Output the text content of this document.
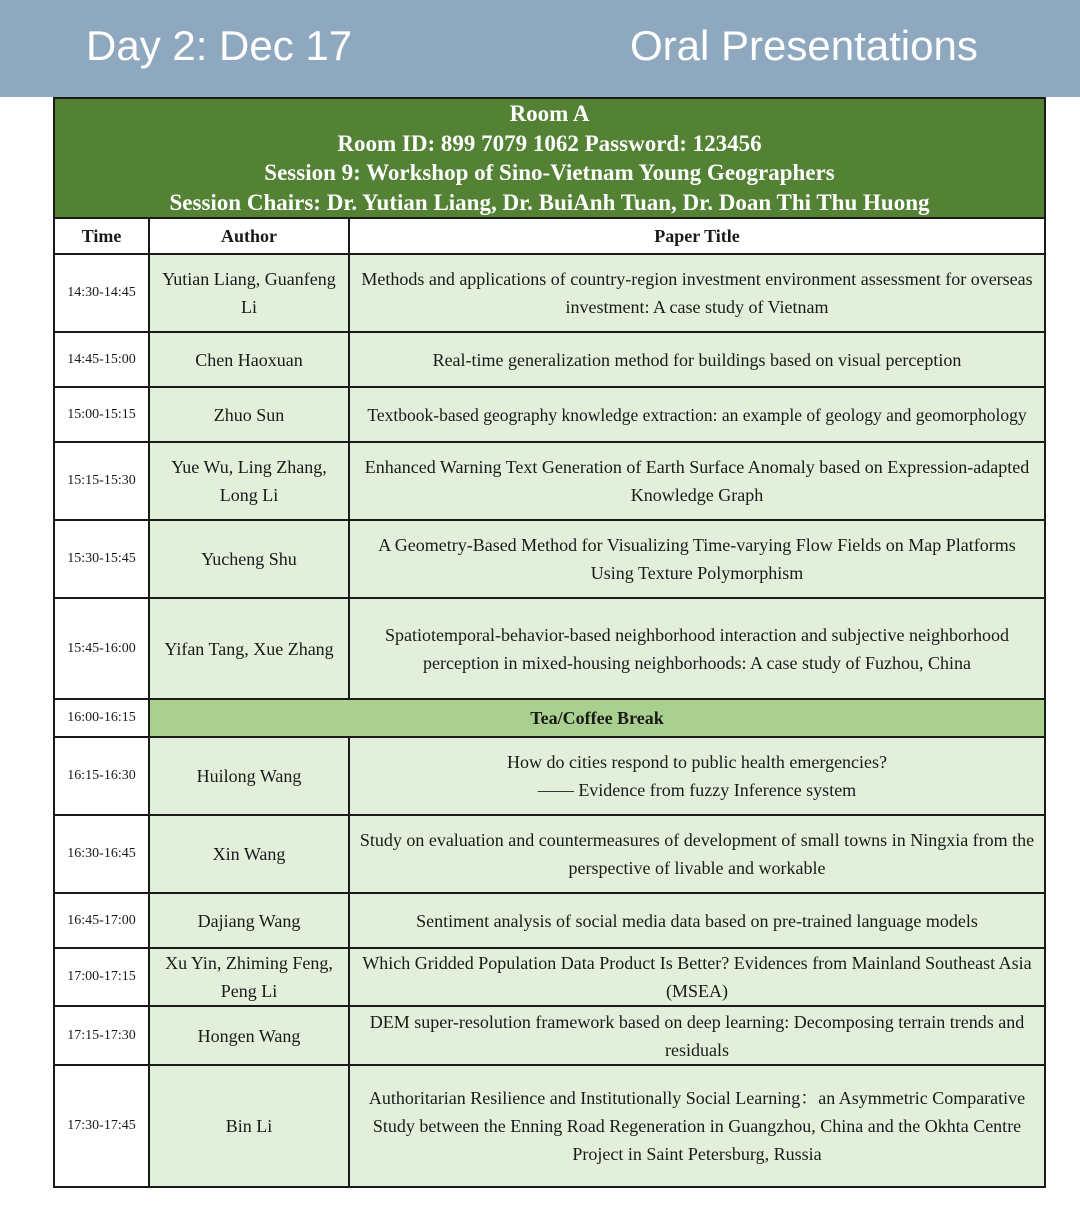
Day 2: Dec 17	Oral Presentations
Room A
Room ID: 899 7079 1062 Password: 123456
Session 9: Workshop of Sino-Vietnam Young Geographers
Session Chairs: Dr. Yutian Liang, Dr. BuiAnh Tuan, Dr. Doan Thi Thu Huong		

Time	Author	Paper Title
14:30-14:45	Yutian Liang, Guanfeng Li	Methods and applications of country-region investment environment assessment for overseas investment: A case study of Vietnam
14:45-15:00	Chen Haoxuan	Real-time generalization method for buildings based on visual perception
15:00-15:15	Zhuo Sun	Textbook-based geography knowledge extraction: an example of geology and geomorphology
15:15-15:30	Yue Wu, Ling Zhang, Long Li	Enhanced Warning Text Generation of Earth Surface Anomaly based on Expression-adapted Knowledge Graph
15:30-15:45	Yucheng Shu	A Geometry-Based Method for Visualizing Time-varying Flow Fields on Map Platforms Using Texture Polymorphism
15:45-16:00	Yifan Tang, Xue Zhang	Spatiotemporal-behavior-based neighborhood interaction and subjective neighborhood perception in mixed-housing neighborhoods: A case study of Fuzhou, China
16:00-16:15	Tea/Coffee Break	
16:15-16:30	Huilong Wang	How do cities respond to public health emergencies?
—— Evidence from fuzzy Inference system

16:30-16:45	Xin Wang	Study on evaluation and countermeasures of development of small towns in Ningxia from the perspective of livable and workable
16:45-17:00	Dajiang Wang	Sentiment analysis of social media data based on pre-trained language models
17:00-17:15	Xu Yin, Zhiming Feng, Peng Li	Which Gridded Population Data Product Is Better? Evidences from Mainland Southeast Asia (MSEA)
17:15-17:30	Hongen Wang	DEM super-resolution framework based on deep learning: Decomposing terrain trends and residuals
17:30-17:45	Bin Li	Authoritarian Resilience and Institutionally Social Learning：an Asymmetric Comparative Study between the Enning Road Regeneration in Guangzhou, China and the Okhta Centre Project in Saint Petersburg, Russia
